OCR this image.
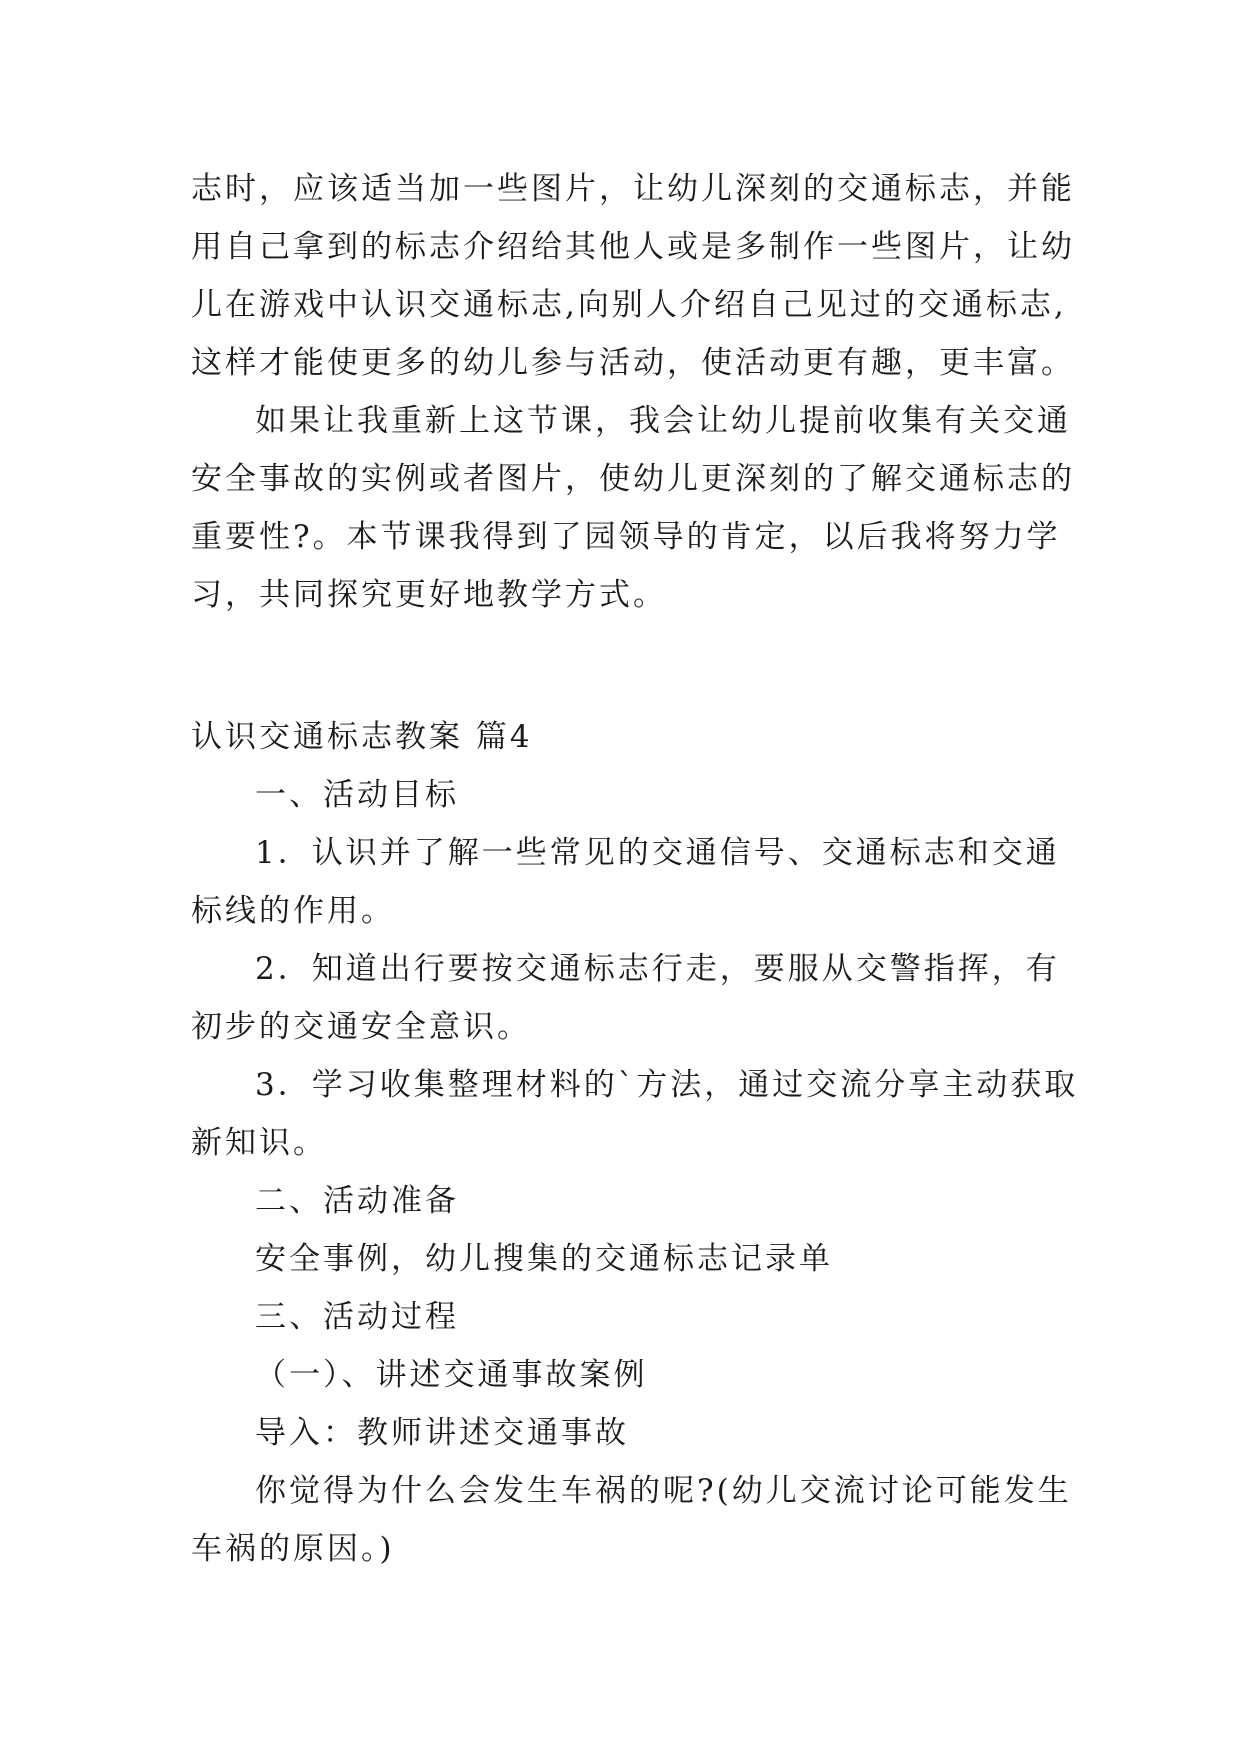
志时，应该适当加一些图片，让幼儿深刻的交通标志，并能
用自己拿到的标志介绍给其他人或是多制作一些图片，让幼
儿在游戏中认识交通标志,向别人介绍自己见过的交通标志,
这样才能使更多的幼儿参与活动，使活动更有趣，更丰富。
如果让我重新上这节课，我会让幼儿提前收集有关交通
安全事故的实例或者图片，使幼儿更深刻的了解交通标志的
重要性?。本节课我得到了园领导的肯定，以后我将努力学
习，共同探究更好地教学方式。
认识交通标志教案 篇4
一、活动目标
1．认识并了解一些常见的交通信号、交通标志和交通
标线的作用。
2．知道出行要按交通标志行走，要服从交警指挥，有
初步的交通安全意识。
3．学习收集整理材料的`方法，通过交流分享主动获取
新知识。
二、活动准备
安全事例，幼儿搜集的交通标志记录单
三、活动过程
（一）、讲述交通事故案例
导入：教师讲述交通事故
你觉得为什么会发生车祸的呢?(幼儿交流讨论可能发生
车祸的原因。)
